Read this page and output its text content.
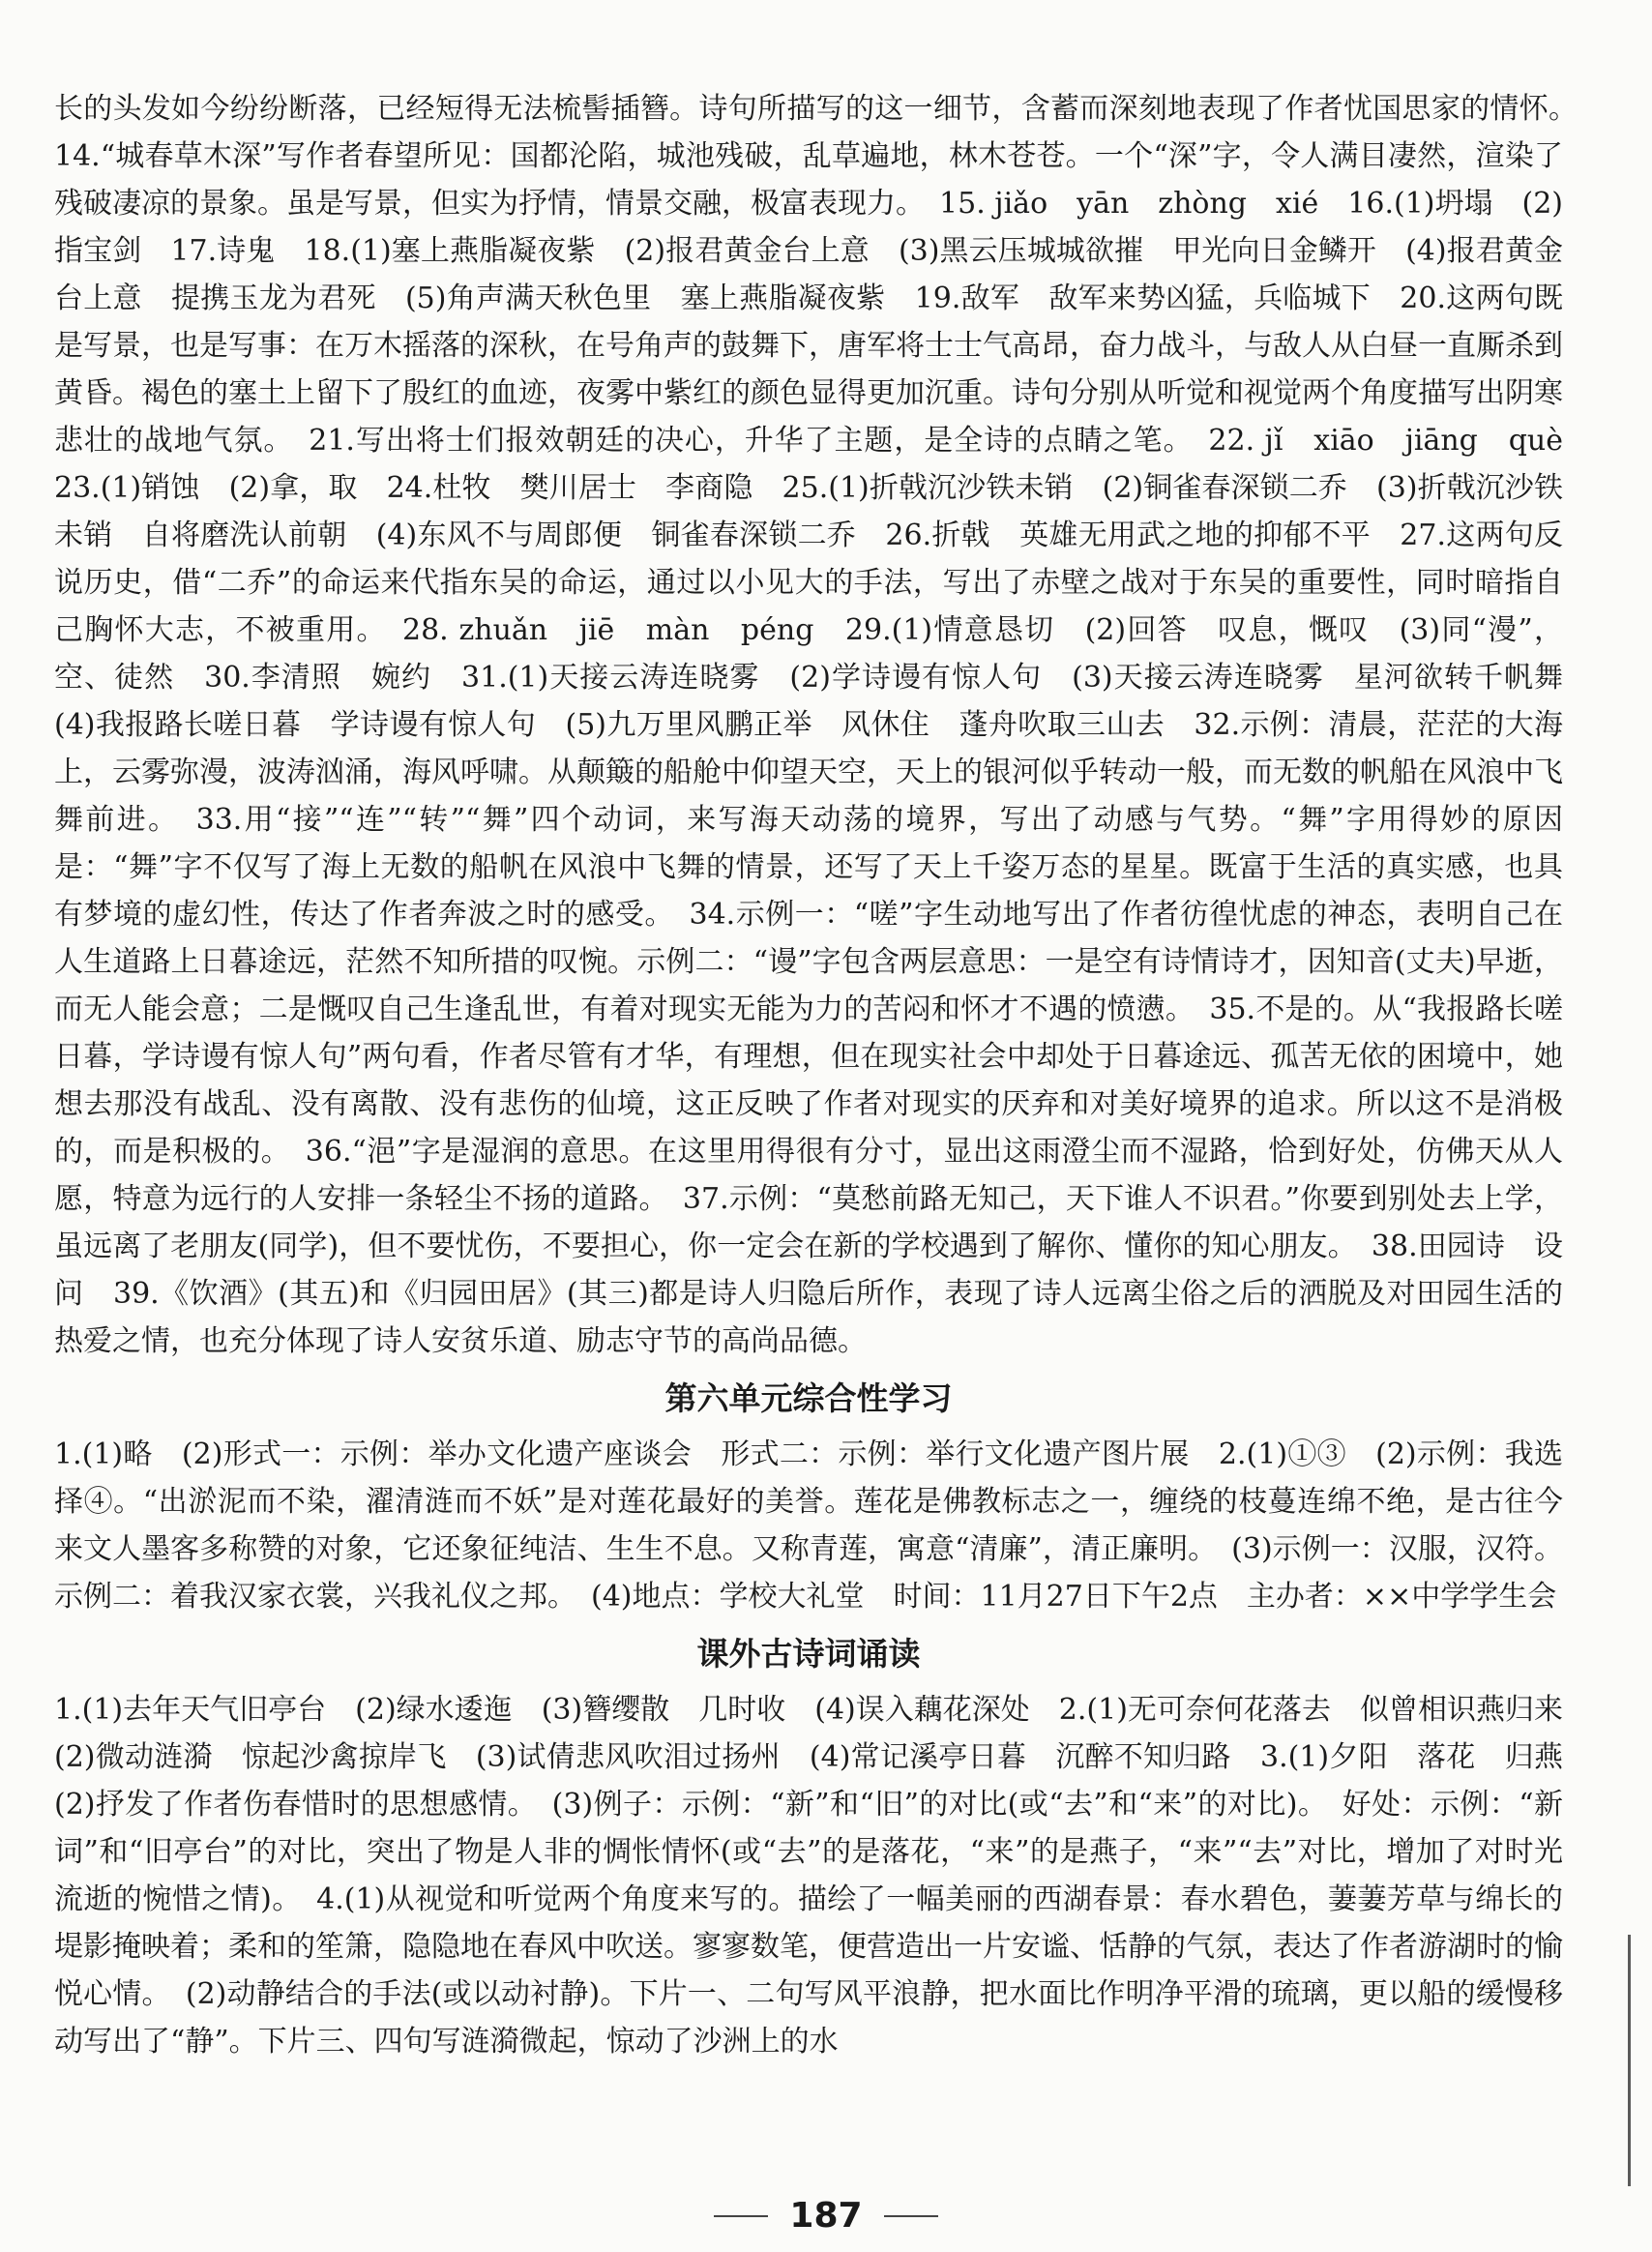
长的头发如今纷纷断落，已经短得无法梳髻插簪。诗句所描写的这一细节，含蓄而深刻地表现了作者忧国思家的情怀。　14.“城春草木深”写作者春望所见：国都沦陷，城池残破，乱草遍地，林木苍苍。一个“深”字，令人满目凄然，渲染了残破凄凉的景象。虽是写景，但实为抒情，情景交融，极富表现力。　15. jiǎo　yān　zhòng　xié　16.(1)坍塌　(2)指宝剑　17.诗鬼　18.(1)塞上燕脂凝夜紫　(2)报君黄金台上意　(3)黑云压城城欲摧　甲光向日金鳞开　(4)报君黄金台上意　提携玉龙为君死　(5)角声满天秋色里　塞上燕脂凝夜紫　19.敌军　敌军来势凶猛，兵临城下　20.这两句既是写景，也是写事：在万木摇落的深秋，在号角声的鼓舞下，唐军将士士气高昂，奋力战斗，与敌人从白昼一直厮杀到黄昏。褐色的塞土上留下了殷红的血迹，夜雾中紫红的颜色显得更加沉重。诗句分别从听觉和视觉两个角度描写出阴寒悲壮的战地气氛。　21.写出将士们报效朝廷的决心，升华了主题，是全诗的点睛之笔。　22. jǐ　xiāo　jiāng　què　23.(1)销蚀　(2)拿，取　24.杜牧　樊川居士　李商隐　25.(1)折戟沉沙铁未销　(2)铜雀春深锁二乔　(3)折戟沉沙铁未销　自将磨洗认前朝　(4)东风不与周郎便　铜雀春深锁二乔　26.折戟　英雄无用武之地的抑郁不平　27.这两句反说历史，借“二乔”的命运来代指东吴的命运，通过以小见大的手法，写出了赤壁之战对于东吴的重要性，同时暗指自己胸怀大志，不被重用。　28. zhuǎn　jiē　màn　péng　29.(1)情意恳切　(2)回答　叹息，慨叹　(3)同“漫”，空、徒然　30.李清照　婉约　31.(1)天接云涛连晓雾　(2)学诗谩有惊人句　(3)天接云涛连晓雾　星河欲转千帆舞　(4)我报路长嗟日暮　学诗谩有惊人句　(5)九万里风鹏正举　风休住　蓬舟吹取三山去　32.示例：清晨，茫茫的大海上，云雾弥漫，波涛汹涌，海风呼啸。从颠簸的船舱中仰望天空，天上的银河似乎转动一般，而无数的帆船在风浪中飞舞前进。　33.用“接”“连”“转”“舞”四个动词，来写海天动荡的境界，写出了动感与气势。“舞”字用得妙的原因是：“舞”字不仅写了海上无数的船帆在风浪中飞舞的情景，还写了天上千姿万态的星星。既富于生活的真实感，也具有梦境的虚幻性，传达了作者奔波之时的感受。　34.示例一：“嗟”字生动地写出了作者彷徨忧虑的神态，表明自己在人生道路上日暮途远，茫然不知所措的叹惋。示例二：“谩”字包含两层意思：一是空有诗情诗才，因知音(丈夫)早逝，而无人能会意；二是慨叹自己生逢乱世，有着对现实无能为力的苦闷和怀才不遇的愤懑。　35.不是的。从“我报路长嗟日暮，学诗谩有惊人句”两句看，作者尽管有才华，有理想，但在现实社会中却处于日暮途远、孤苦无依的困境中，她想去那没有战乱、没有离散、没有悲伤的仙境，这正反映了作者对现实的厌弃和对美好境界的追求。所以这不是消极的，而是积极的。　36.“浥”字是湿润的意思。在这里用得很有分寸，显出这雨澄尘而不湿路，恰到好处，仿佛天从人愿，特意为远行的人安排一条轻尘不扬的道路。　37.示例：“莫愁前路无知己，天下谁人不识君。”你要到别处去上学，虽远离了老朋友(同学)，但不要忧伤，不要担心，你一定会在新的学校遇到了解你、懂你的知心朋友。　38.田园诗　设问　39.《饮酒》(其五)和《归园田居》(其三)都是诗人归隐后所作，表现了诗人远离尘俗之后的洒脱及对田园生活的热爱之情，也充分体现了诗人安贫乐道、励志守节的高尚品德。

第六单元综合性学习

1.(1)略　(2)形式一：示例：举办文化遗产座谈会　形式二：示例：举行文化遗产图片展　2.(1)①③　(2)示例：我选择④。“出淤泥而不染，濯清涟而不妖”是对莲花最好的美誉。莲花是佛教标志之一，缠绕的枝蔓连绵不绝，是古往今来文人墨客多称赞的对象，它还象征纯洁、生生不息。又称青莲，寓意“清廉”，清正廉明。　(3)示例一：汉服，汉符。示例二：着我汉家衣裳，兴我礼仪之邦。　(4)地点：学校大礼堂　时间：11月27日下午2点　主办者：××中学学生会

课外古诗词诵读

1.(1)去年天气旧亭台　(2)绿水逶迤　(3)簪缨散　几时收　(4)误入藕花深处　2.(1)无可奈何花落去　似曾相识燕归来　(2)微动涟漪　惊起沙禽掠岸飞　(3)试倩悲风吹泪过扬州　(4)常记溪亭日暮　沉醉不知归路　3.(1)夕阳　落花　归燕　(2)抒发了作者伤春惜时的思想感情。　(3)例子：示例：“新”和“旧”的对比(或“去”和“来”的对比)。　好处：示例：“新词”和“旧亭台”的对比，突出了物是人非的惆怅情怀(或“去”的是落花，“来”的是燕子，“来”“去”对比，增加了对时光流逝的惋惜之情)。　4.(1)从视觉和听觉两个角度来写的。描绘了一幅美丽的西湖春景：春水碧色，萋萋芳草与绵长的堤影掩映着；柔和的笙箫，隐隐地在春风中吹送。寥寥数笔，便营造出一片安谧、恬静的气氛，表达了作者游湖时的愉悦心情。　(2)动静结合的手法(或以动衬静)。下片一、二句写风平浪静，把水面比作明净平滑的琉璃，更以船的缓慢移动写出了“静”。下片三、四句写涟漪微起，惊动了沙洲上的水

187
